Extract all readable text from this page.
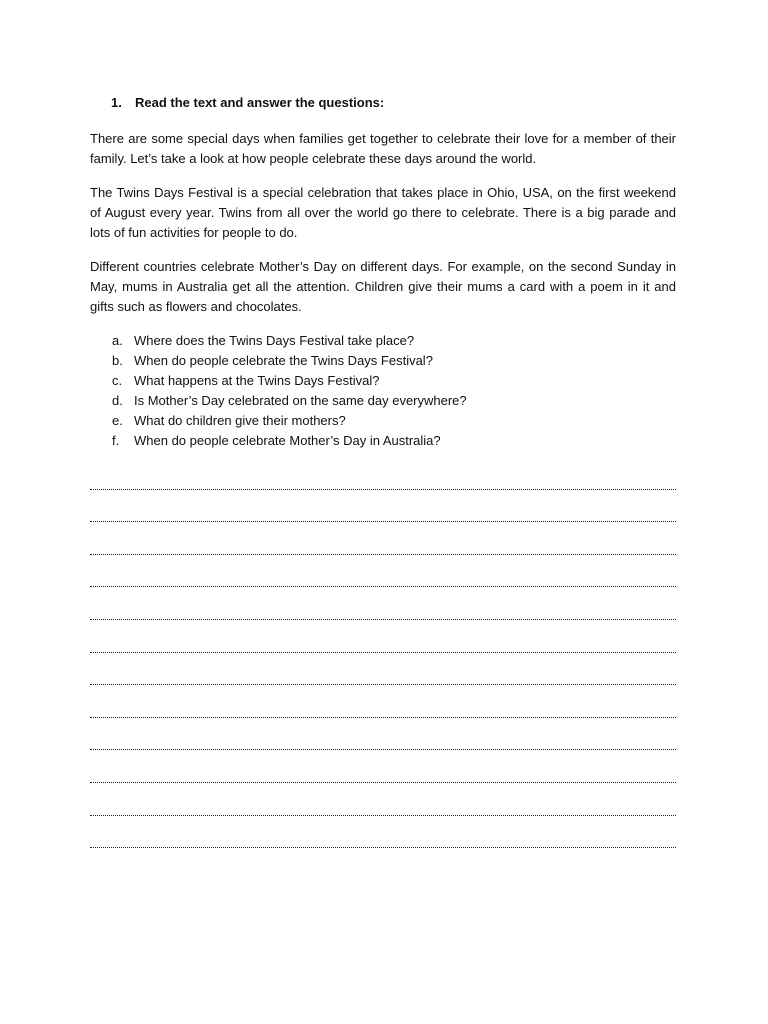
1.	Read the text and answer the questions:

There are some special days when families get together to celebrate their love for a member of their family. Let’s take a look at how people celebrate these days around the world.

The Twins Days Festival is a special celebration that takes place in Ohio, USA, on the first weekend of August every year. Twins from all over the world go there to celebrate. There is a big parade and lots of fun activities for people to do.

Different countries celebrate Mother’s Day on different days. For example, on the second Sunday in May, mums in Australia get all the attention. Children give their mums a card with a poem in it and gifts such as flowers and chocolates.

a. Where does the Twins Days Festival take place?
b. When do people celebrate the Twins Days Festival?
c. What happens at the Twins Days Festival?
d. Is Mother’s Day celebrated on the same day everywhere?
e. What do children give their mothers?
f.	When do people celebrate Mother’s Day in Australia?
